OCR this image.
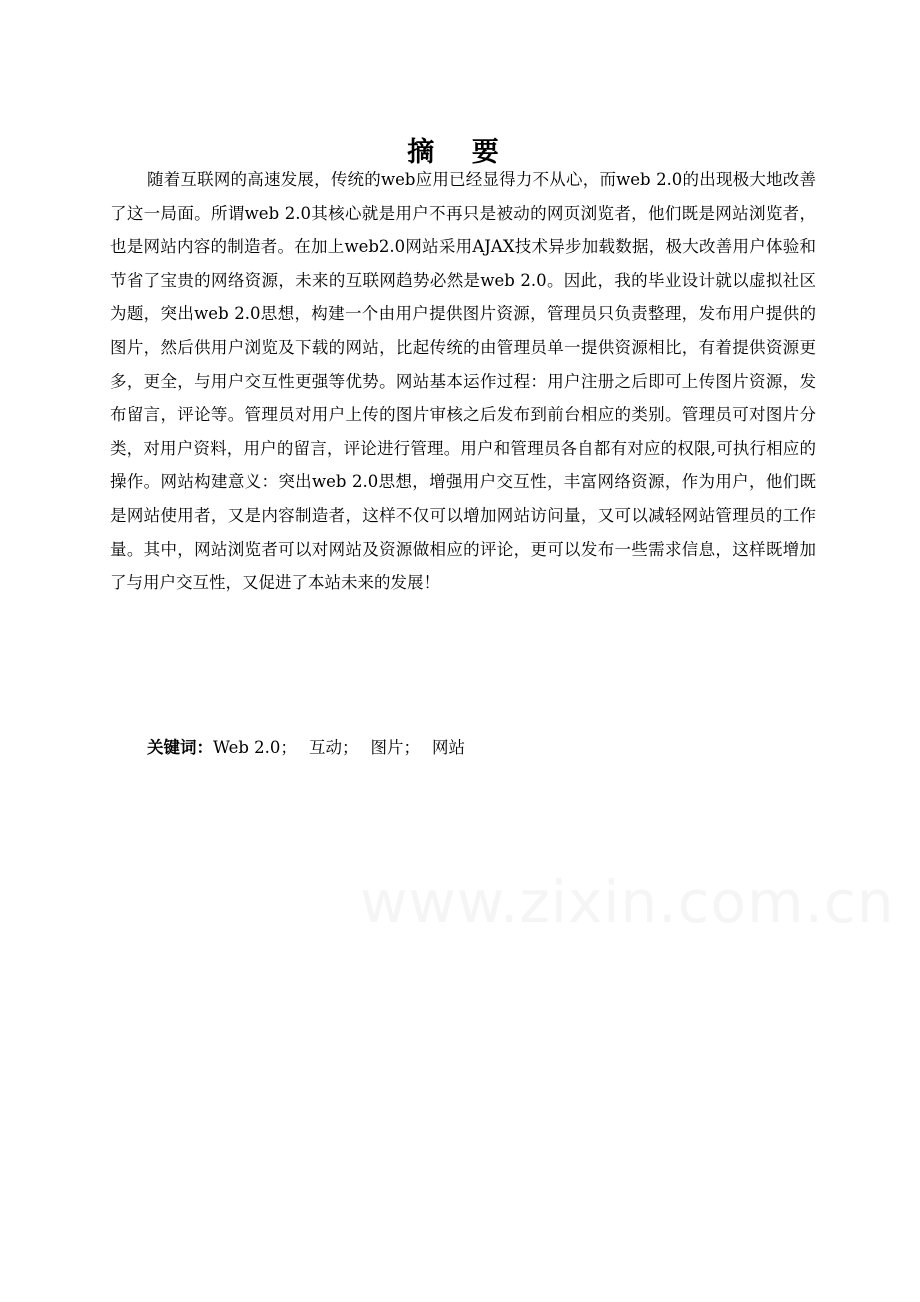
摘 要

随着互联网的高速发展，传统的web应用已经显得力不从心，而web 2.0的出现极大地改善了这一局面。所谓web 2.0其核心就是用户不再只是被动的网页浏览者，他们既是网站浏览者，也是网站内容的制造者。在加上web2.0网站采用AJAX技术异步加载数据，极大改善用户体验和节省了宝贵的网络资源，未来的互联网趋势必然是web 2.0。因此，我的毕业设计就以虚拟社区为题，突出web 2.0思想，构建一个由用户提供图片资源，管理员只负责整理，发布用户提供的图片，然后供用户浏览及下载的网站，比起传统的由管理员单一提供资源相比，有着提供资源更多，更全，与用户交互性更强等优势。网站基本运作过程：用户注册之后即可上传图片资源，发布留言，评论等。管理员对用户上传的图片审核之后发布到前台相应的类别。管理员可对图片分类，对用户资料，用户的留言，评论进行管理。用户和管理员各自都有对应的权限,可执行相应的操作。网站构建意义：突出web 2.0思想，增强用户交互性，丰富网络资源，作为用户，他们既是网站使用者，又是内容制造者，这样不仅可以增加网站访问量，又可以减轻网站管理员的工作量。其中，网站浏览者可以对网站及资源做相应的评论，更可以发布一些需求信息，这样既增加了与用户交互性，又促进了本站未来的发展！

关键词：Web 2.0； 互动； 图片； 网站
www.zixin.com.cn
